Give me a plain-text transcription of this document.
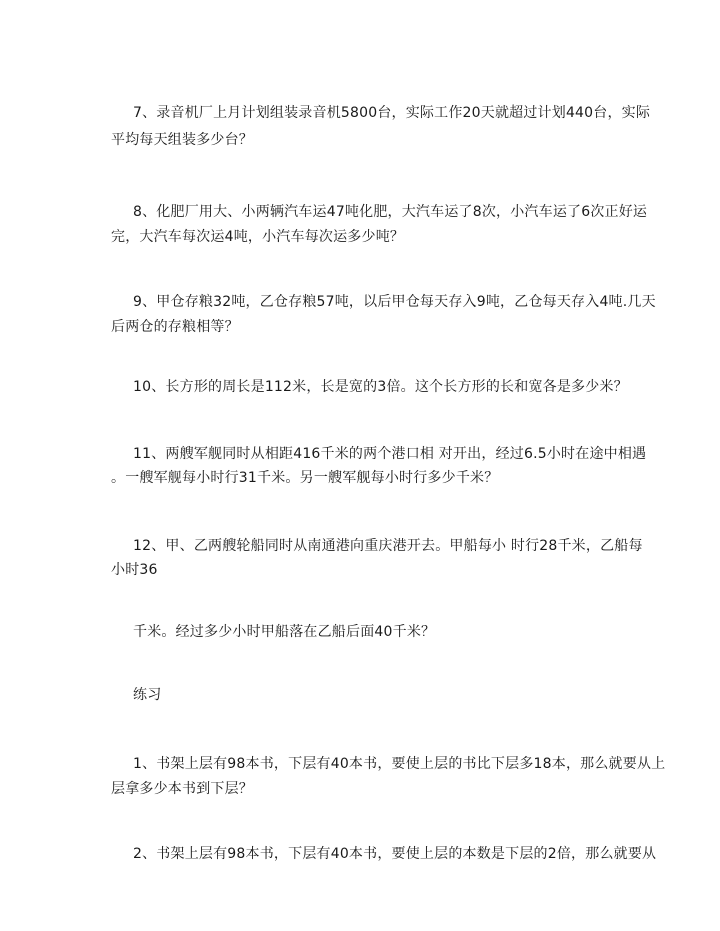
7、录音机厂上月计划组装录音机5800台，实际工作20天就超过计划440台，实际
平均每天组装多少台？
8、化肥厂用大、小两辆汽车运47吨化肥，大汽车运了8次，小汽车运了6次正好运
完，大汽车每次运4吨，小汽车每次运多少吨？
9、甲仓存粮32吨，乙仓存粮57吨，以后甲仓每天存入9吨，乙仓每天存入4吨.几天
后两仓的存粮相等？
10、长方形的周长是112米，长是宽的3倍。这个长方形的长和宽各是多少米？
11、两艘军舰同时从相距416千米的两个港口相 对开出，经过6.5小时在途中相遇
。一艘军舰每小时行31千米。另一艘军舰每小时行多少千米？
12、甲、乙两艘轮船同时从南通港向重庆港开去。甲船每小 时行28千米，乙船每
小时36
千米。经过多少小时甲船落在乙船后面40千米？
练习
1、书架上层有98本书，下层有40本书，要使上层的书比下层多18本，那么就要从上
层拿多少本书到下层？
2、书架上层有98本书，下层有40本书，要使上层的本数是下层的2倍，那么就要从
